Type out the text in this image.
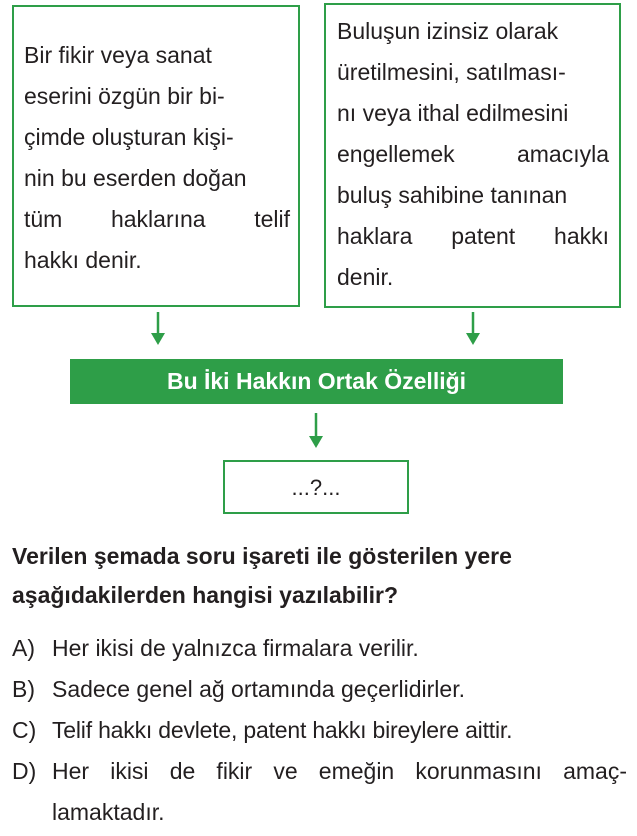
Bir fikir veya sanat
eserini özgün bir bi-
çimde oluşturan kişi-
nin bu eserden doğan
tüm haklarına telif
hakkı denir.

Buluşun izinsiz olarak
üretilmesini, satılması-
nı veya ithal edilmesini
engellemek amacıyla
buluş sahibine tanınan
haklara patent hakkı
denir.

Bu İki Hakkın Ortak Özelliği
...?...

Verilen şemada soru işareti ile gösterilen yere
aşağıdakilerden hangisi yazılabilir?

A) Her ikisi de yalnızca firmalara verilir.
B) Sadece genel ağ ortamında geçerlidirler.
C) Telif hakkı devlete, patent hakkı bireylere aittir.
D) Her ikisi de fikir ve emeğin korunmasını amaç- lamaktadır.
